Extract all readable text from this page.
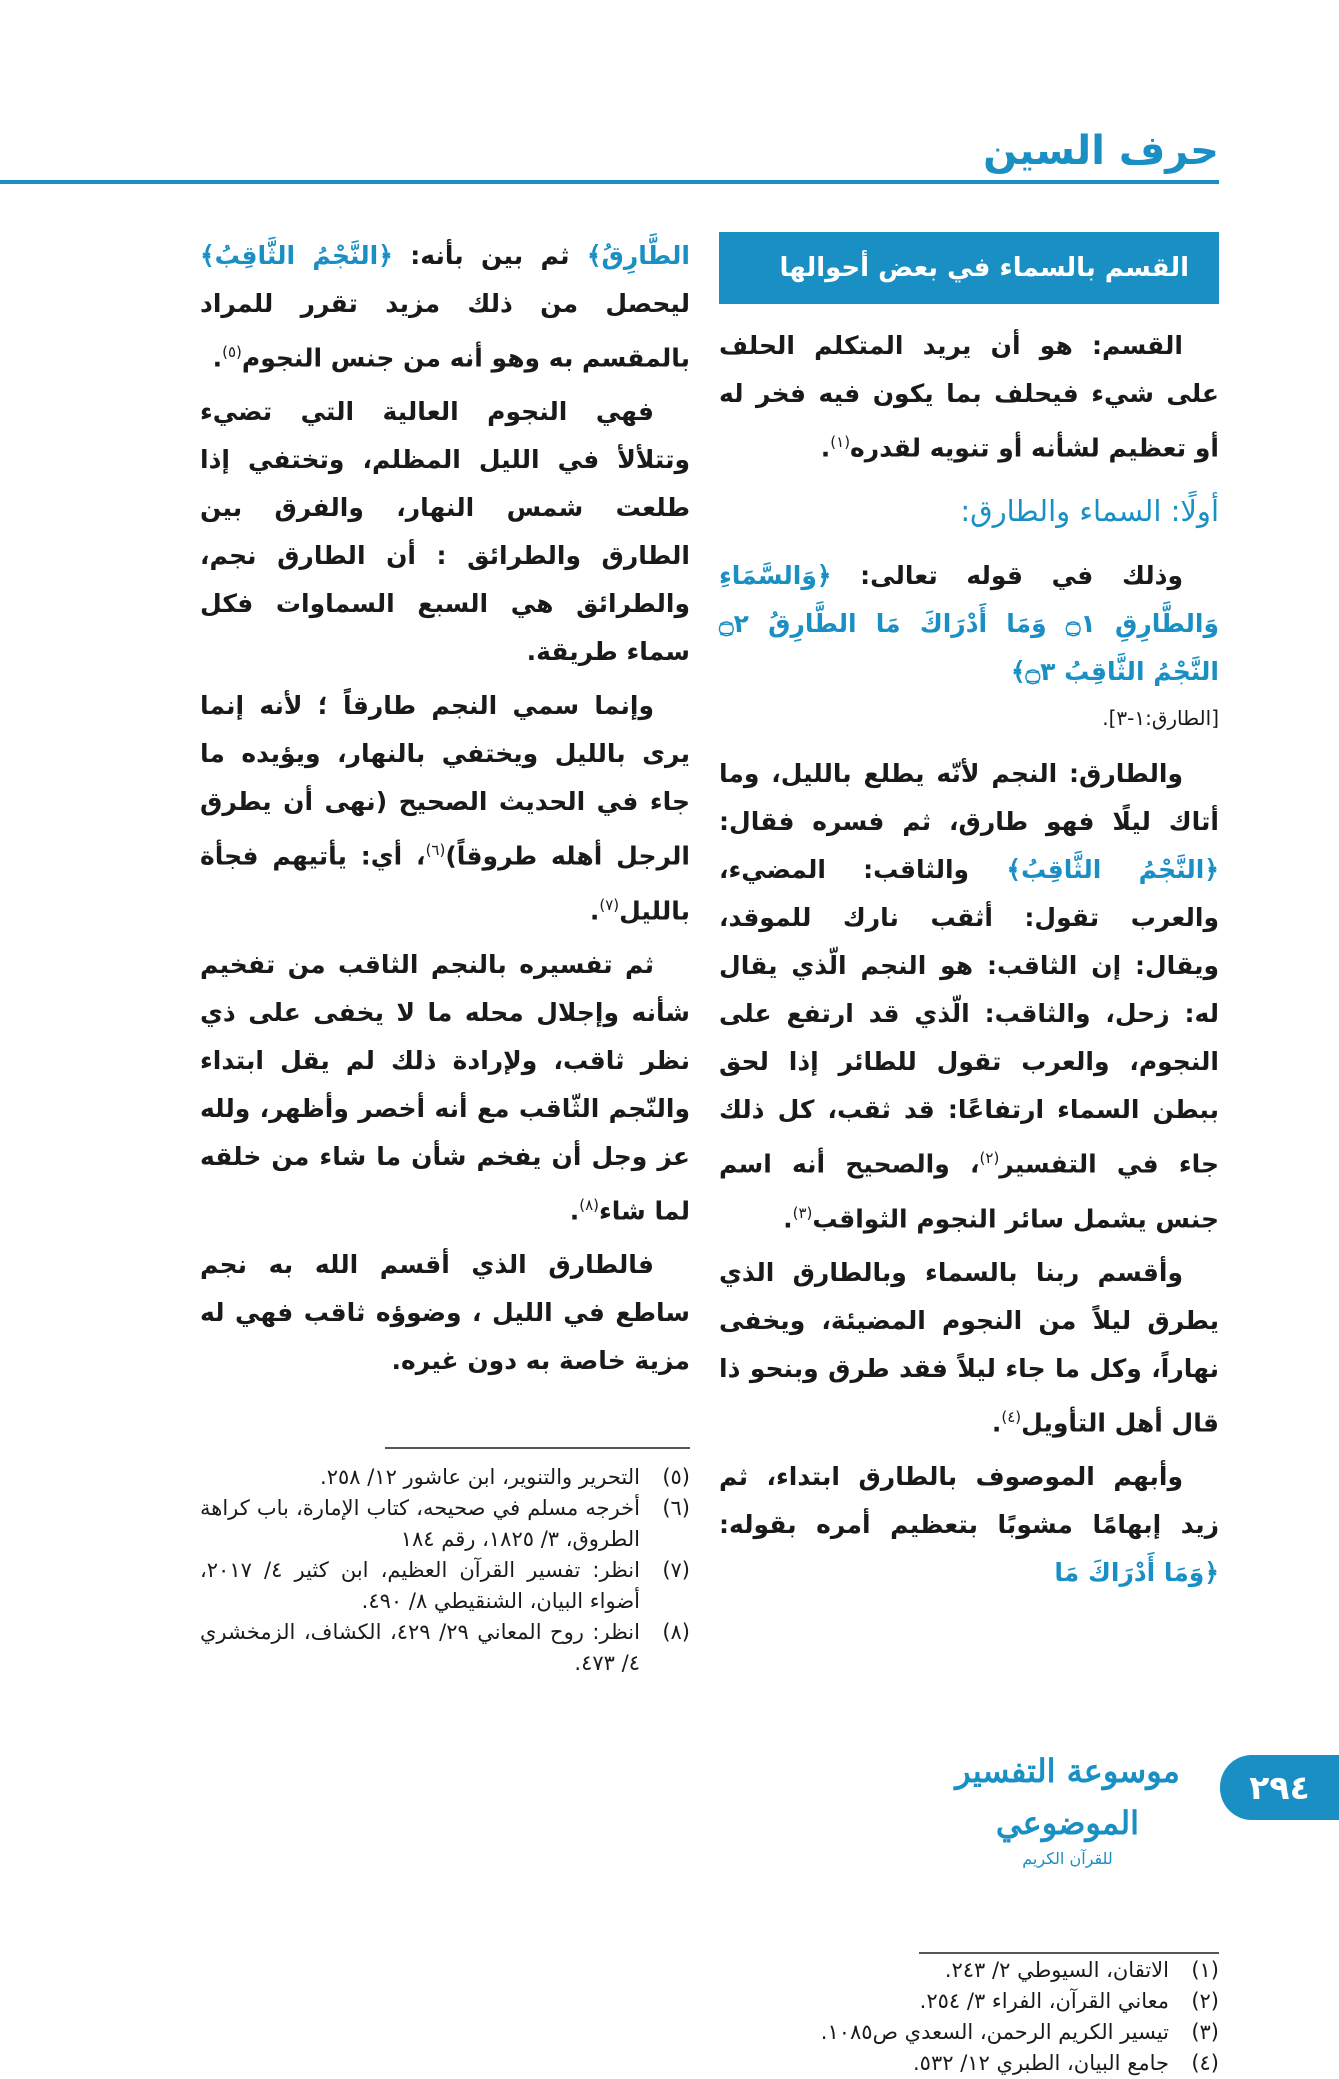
حرف السين
القسم بالسماء في بعض أحوالها

القسم: هو أن يريد المتكلم الحلف على شيء فيحلف بما يكون فيه فخر له أو تعظيم لشأنه أو تنويه لقدره$^{(١)}$.

أولًا: السماء والطارق:

وذلك في قوله تعالى: ﴿وَالسَّمَاءِ وَالطَّارِقِ ۝١ وَمَا أَدْرَاكَ مَا الطَّارِقُ ۝٢ النَّجْمُ الثَّاقِبُ ۝٣﴾

[الطارق:١-٣].

والطارق: النجم لأنّه يطلع بالليل، وما أتاك ليلًا فهو طارق، ثم فسره فقال: ﴿النَّجْمُ الثَّاقِبُ﴾ والثاقب: المضيء، والعرب تقول: أثقب نارك للموقد، ويقال: إن الثاقب: هو النجم الّذي يقال له: زحل، والثاقب: الّذي قد ارتفع على النجوم، والعرب تقول للطائر إذا لحق ببطن السماء ارتفاعًا: قد ثقب، كل ذلك جاء في التفسير$^{(٢)}$، والصحيح أنه اسم جنس يشمل سائر النجوم الثواقب$^{(٣)}$.

وأقسم ربنا بالسماء وبالطارق الذي يطرق ليلاً من النجوم المضيئة، ويخفى نهاراً، وكل ما جاء ليلاً فقد طرق وبنحو ذا قال أهل التأويل$^{(٤)}$.

وأبهم الموصوف بالطارق ابتداء، ثم زيد إبهامًا مشوبًا بتعظيم أمره بقوله: ﴿وَمَا أَدْرَاكَ مَا

الطَّارِقُ﴾ ثم بين بأنه: ﴿النَّجْمُ الثَّاقِبُ﴾ ليحصل من ذلك مزيد تقرر للمراد بالمقسم به وهو أنه من جنس النجوم$^{(٥)}$.

فهي النجوم العالية التي تضيء وتتلألأ في الليل المظلم، وتختفي إذا طلعت شمس النهار، والفرق بين الطارق والطرائق : أن الطارق نجم، والطرائق هي السبع السماوات فكل سماء طريقة.

وإنما سمي النجم طارقاً ؛ لأنه إنما يرى بالليل ويختفي بالنهار، ويؤيده ما جاء في الحديث الصحيح (نهى أن يطرق الرجل أهله طروقاً)$^{(٦)}$، أي: يأتيهم فجأة بالليل$^{(٧)}$.

ثم تفسيره بالنجم الثاقب من تفخيم شأنه وإجلال محله ما لا يخفى على ذي نظر ثاقب، ولإرادة ذلك لم يقل ابتداء والنّجم الثّاقب مع أنه أخصر وأظهر، ولله عز وجل أن يفخم شأن ما شاء من خلقه لما شاء$^{(٨)}$.

فالطارق الذي أقسم الله به نجم ساطع في الليل ، وضوؤه ثاقب فهي له مزية خاصة به دون غيره.

(٥)
التحرير والتنوير، ابن عاشور ١٢/ ٢٥٨.

(٦)
أخرجه مسلم في صحيحه، كتاب الإمارة، باب كراهة الطروق، ٣/ ١٨٢٥، رقم ١٨٤

(٧)
انظر: تفسير القرآن العظيم، ابن كثير ٤/ ٢٠١٧، أضواء البيان، الشنقيطي ٨/ ٤٩٠.

(٨)
انظر: روح المعاني ٢٩/ ٤٢٩، الكشاف، الزمخشري ٤/ ٤٧٣.

(١)
الاتقان، السيوطي ٢/ ٢٤٣.

(٢)
معاني القرآن، الفراء ٣/ ٢٥٤.

(٣)
تيسير الكريم الرحمن، السعدي ص١٠٨٥.

(٤)
جامع البيان، الطبري ١٢/ ٥٣٢.

موسوعة التفسير الموضوعي
للقرآن الكريم
٢٩٤
